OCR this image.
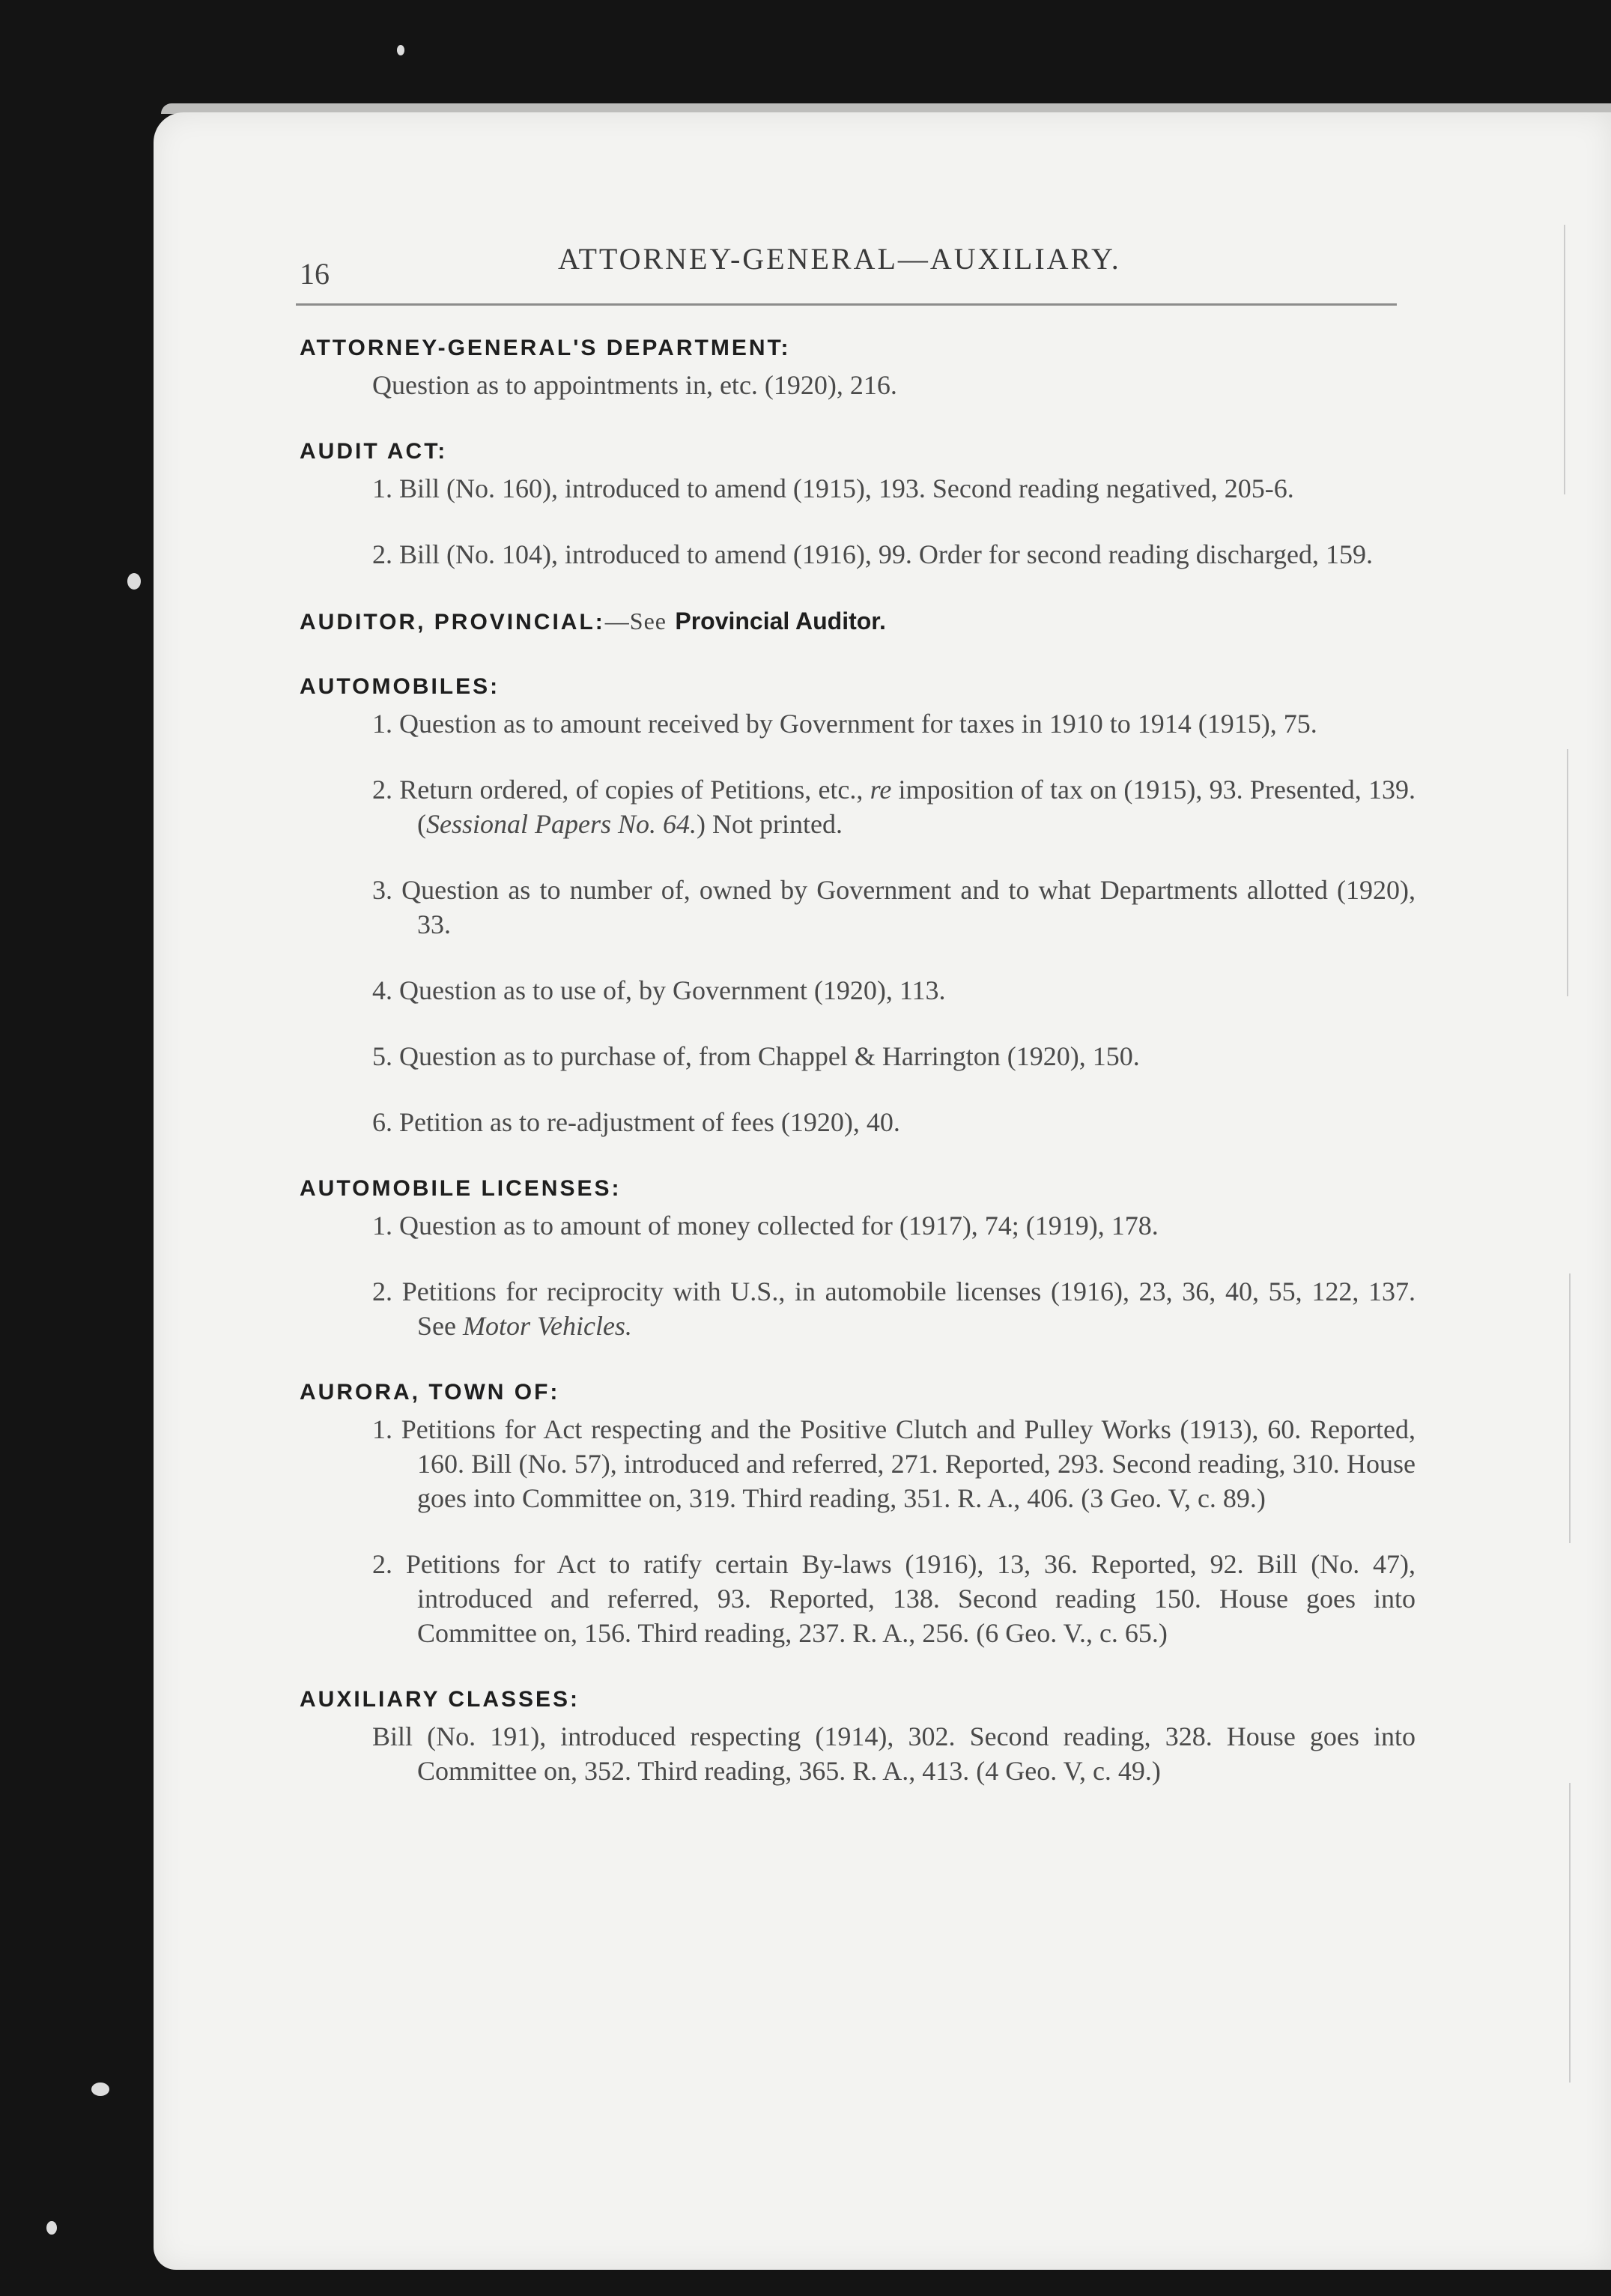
16	ATTORNEY-GENERAL—AUXILIARY.
ATTORNEY-GENERAL'S DEPARTMENT:
Question as to appointments in, etc. (1920), 216.
AUDIT ACT:
1. Bill (No. 160), introduced to amend (1915), 193. Second reading negatived, 205-6.
2. Bill (No. 104), introduced to amend (1916), 99. Order for second reading discharged, 159.
AUDITOR, PROVINCIAL:—See Provincial Auditor.
AUTOMOBILES:
1. Question as to amount received by Government for taxes in 1910 to 1914 (1915), 75.
2. Return ordered, of copies of Petitions, etc., re imposition of tax on (1915), 93. Presented, 139. (Sessional Papers No. 64.) Not printed.
3. Question as to number of, owned by Government and to what Departments allotted (1920), 33.
4. Question as to use of, by Government (1920), 113.
5. Question as to purchase of, from Chappel & Harrington (1920), 150.
6. Petition as to re-adjustment of fees (1920), 40.
AUTOMOBILE LICENSES:
1. Question as to amount of money collected for (1917), 74; (1919), 178.
2. Petitions for reciprocity with U.S., in automobile licenses (1916), 23, 36, 40, 55, 122, 137. See Motor Vehicles.
AURORA, TOWN OF:
1. Petitions for Act respecting and the Positive Clutch and Pulley Works (1913), 60. Reported, 160. Bill (No. 57), introduced and referred, 271. Reported, 293. Second reading, 310. House goes into Committee on, 319. Third reading, 351. R. A., 406. (3 Geo. V, c. 89.)
2. Petitions for Act to ratify certain By-laws (1916), 13, 36. Reported, 92. Bill (No. 47), introduced and referred, 93. Reported, 138. Second reading 150. House goes into Committee on, 156. Third reading, 237. R. A., 256. (6 Geo. V., c. 65.)
AUXILIARY CLASSES:
Bill (No. 191), introduced respecting (1914), 302. Second reading, 328. House goes into Committee on, 352. Third reading, 365. R. A., 413. (4 Geo. V, c. 49.)
